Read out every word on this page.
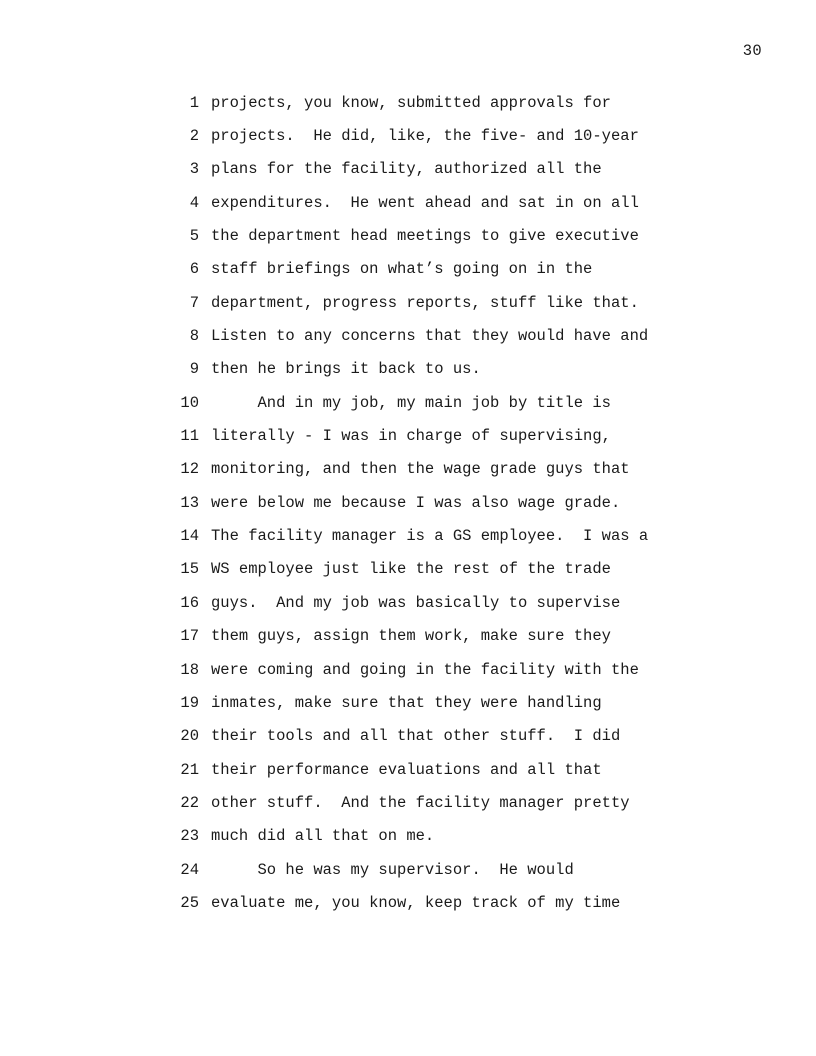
30
1 projects, you know, submitted approvals for
2 projects.  He did, like, the five- and 10-year
3 plans for the facility, authorized all the
4 expenditures.  He went ahead and sat in on all
5 the department head meetings to give executive
6 staff briefings on what’s going on in the
7 department, progress reports, stuff like that.
8 Listen to any concerns that they would have and
9 then he brings it back to us.
10 And in my job, my main job by title is
11 literally - I was in charge of supervising,
12 monitoring, and then the wage grade guys that
13 were below me because I was also wage grade.
14 The facility manager is a GS employee.  I was a
15 WS employee just like the rest of the trade
16 guys.  And my job was basically to supervise
17 them guys, assign them work, make sure they
18 were coming and going in the facility with the
19 inmates, make sure that they were handling
20 their tools and all that other stuff.  I did
21 their performance evaluations and all that
22 other stuff.  And the facility manager pretty
23 much did all that on me.
24 So he was my supervisor.  He would
25 evaluate me, you know, keep track of my time
